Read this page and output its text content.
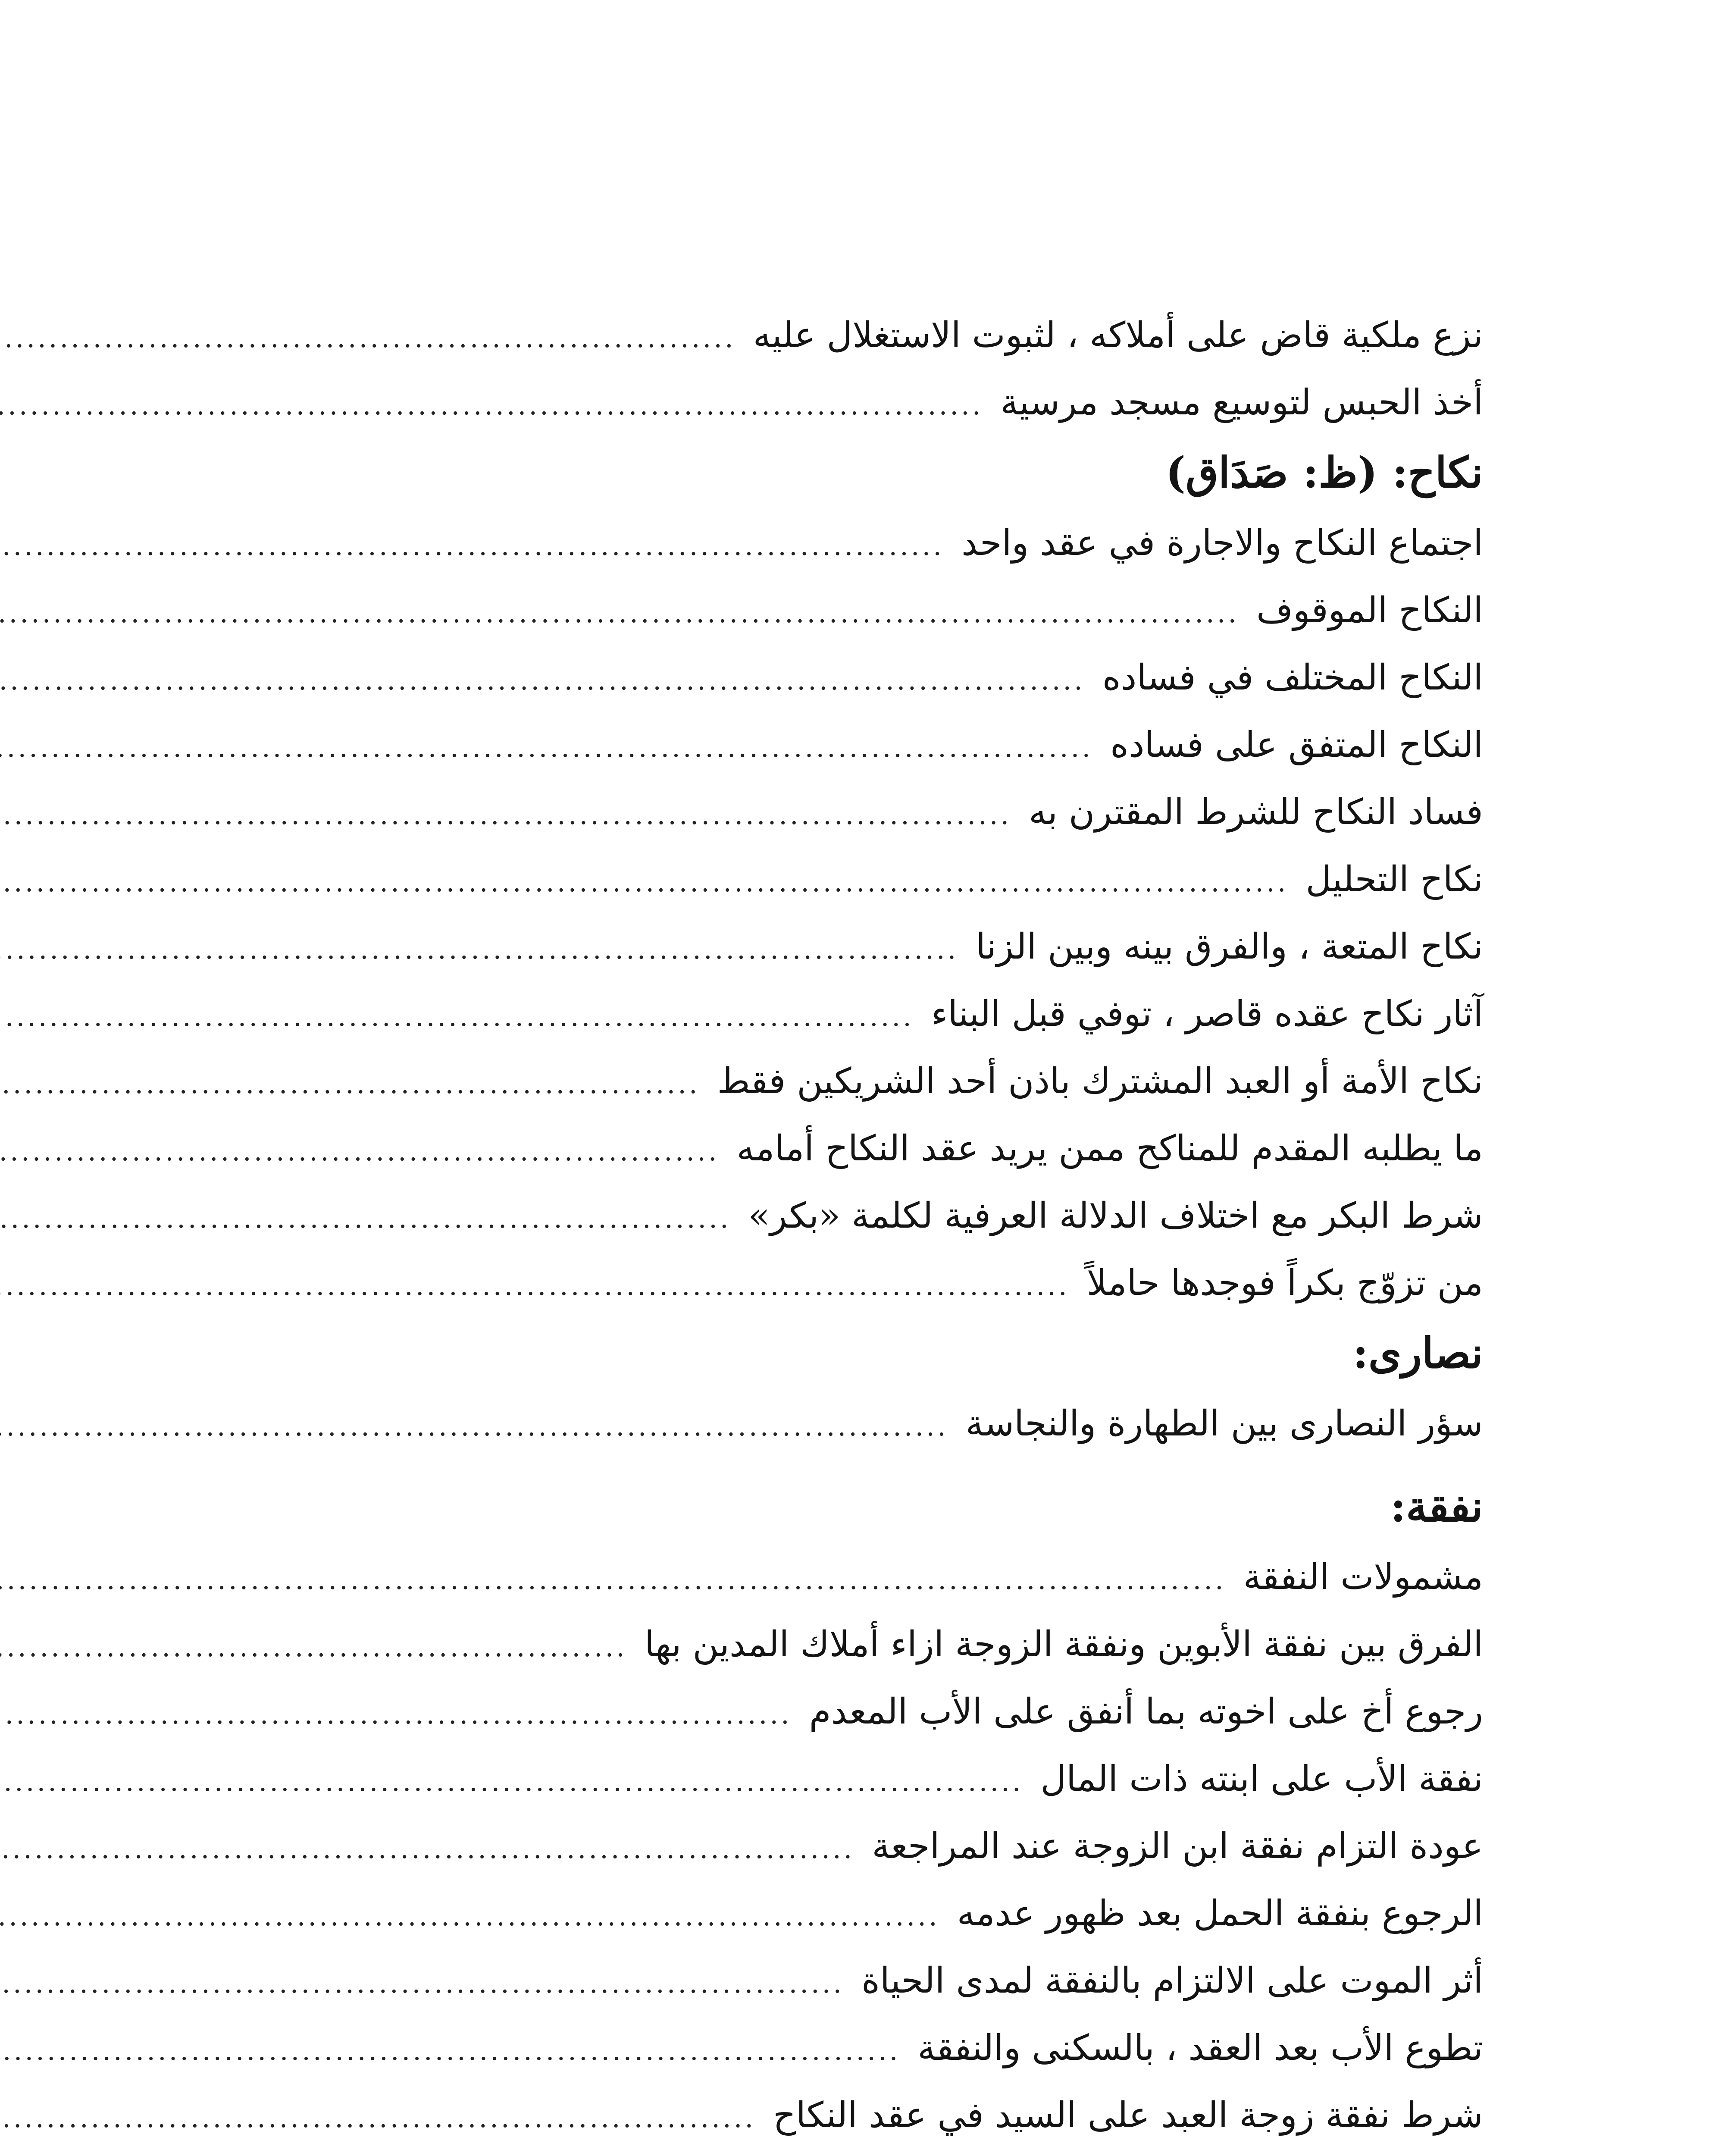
نزع ملكية قاض على أملاكه ، لثبوت الاستغلال عليه
.....
أخذ الحبس لتوسيع مسجد مرسية
.....
نكاح: (ظ: صَدَاق)
اجتماع النكاح والاجارة في عقد واحد
.....
النكاح الموقوف
.....
النكاح المختلف في فساده
.....
النكاح المتفق على فساده
.....
فساد النكاح للشرط المقترن به
.....
نكاح التحليل
.....
نكاح المتعة ، والفرق بينه وبين الزنا
.....
آثار نكاح عقده قاصر ، توفي قبل البناء
.....
نكاح الأمة أو العبد المشترك باذن أحد الشريكين فقط
.....
ما يطلبه المقدم للمناكح ممن يريد عقد النكاح أمامه
.....
شرط البكر مع اختلاف الدلالة العرفية لكلمة «بكر»
.....
من تزوّج بكراً فوجدها حاملاً
.....
نصارى:
سؤر النصارى بين الطهارة والنجاسة
.....
نفقة:
مشمولات النفقة
.....
الفرق بين نفقة الأبوين ونفقة الزوجة ازاء أملاك المدين بها
.....
رجوع أخ على اخوته بما أنفق على الأب المعدم
.....
نفقة الأب على ابنته ذات المال
.....
عودة التزام نفقة ابن الزوجة عند المراجعة
.....
الرجوع بنفقة الحمل بعد ظهور عدمه
.....
أثر الموت على الالتزام بالنفقة لمدى الحياة
.....
تطوع الأب بعد العقد ، بالسكنى والنفقة
.....
شرط نفقة زوجة العبد على السيد في عقد النكاح
.....
